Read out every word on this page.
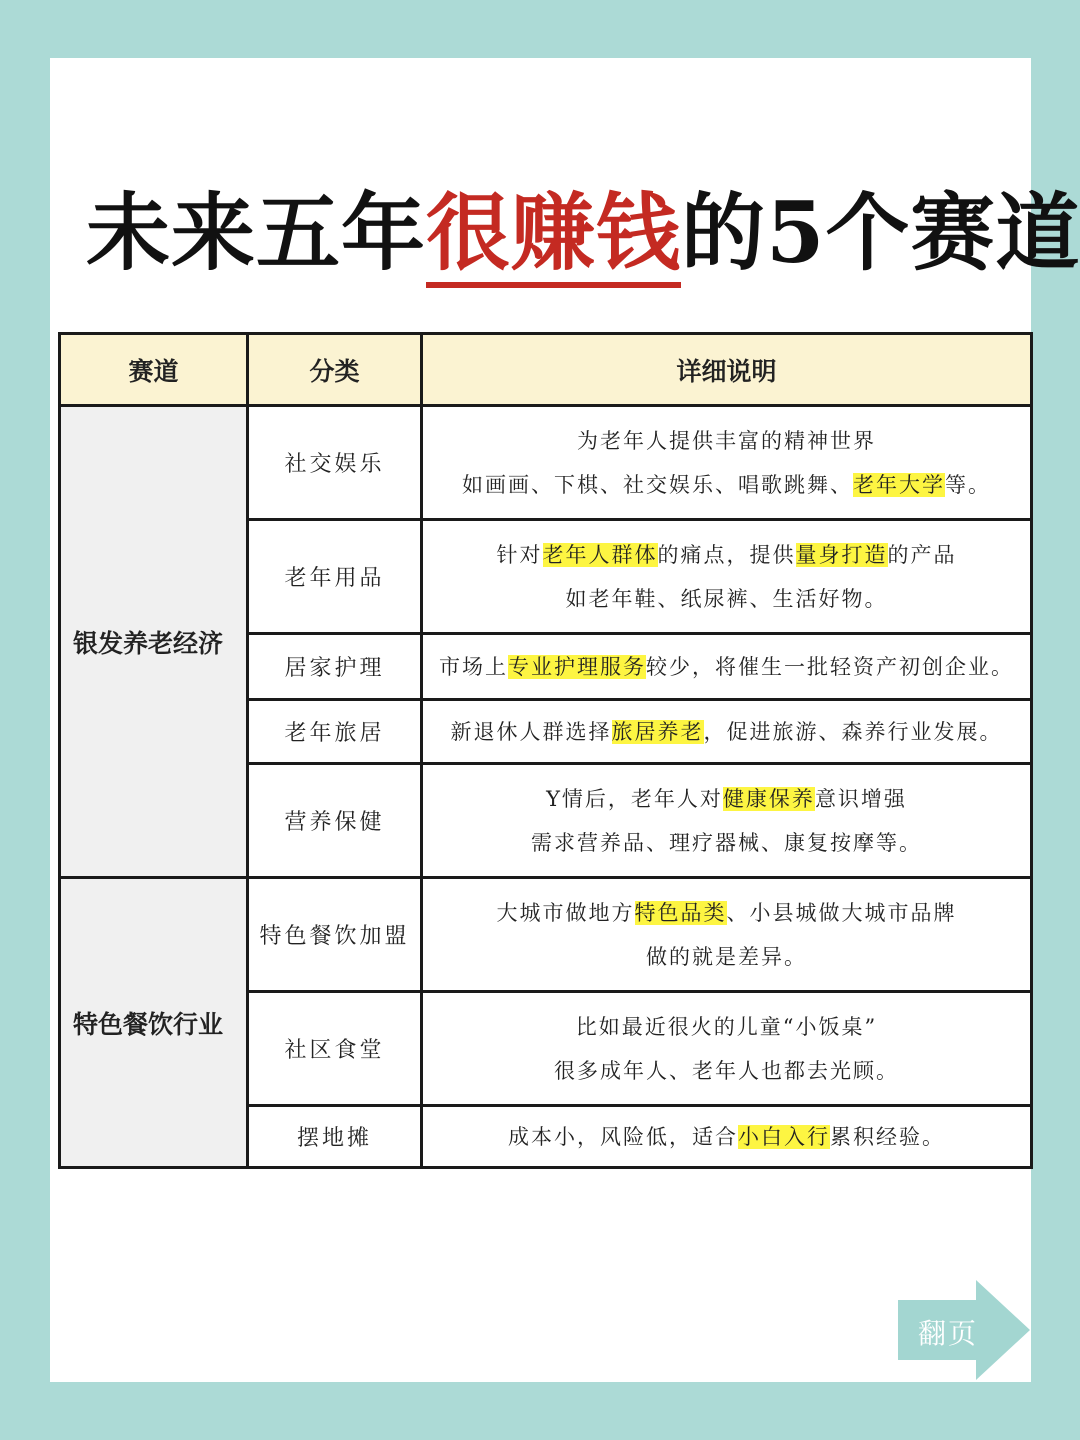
未来五年很赚钱的5个赛道
赛道	分类	详细说明
银发养老经济	社交娱乐	为老年人提供丰富的精神世界
如画画、下棋、社交娱乐、唱歌跳舞、老年大学等。

	老年用品	针对老年人群体的痛点，提供量身打造的产品
如老年鞋、纸尿裤、生活好物。

	居家护理	市场上专业护理服务较少，将催生一批轻资产初创企业。

	老年旅居	新退休人群选择旅居养老，促进旅游、森养行业发展。

	营养保健	Y情后，老年人对健康保养意识增强
需求营养品、理疗器械、康复按摩等。

特色餐饮行业	特色餐饮加盟	大城市做地方特色品类、小县城做大城市品牌
做的就是差异。

	社区食堂	比如最近很火的儿童“小饭桌”
很多成年人、老年人也都去光顾。

	摆地摊	成本小，风险低，适合小白入行累积经验。
翻页
